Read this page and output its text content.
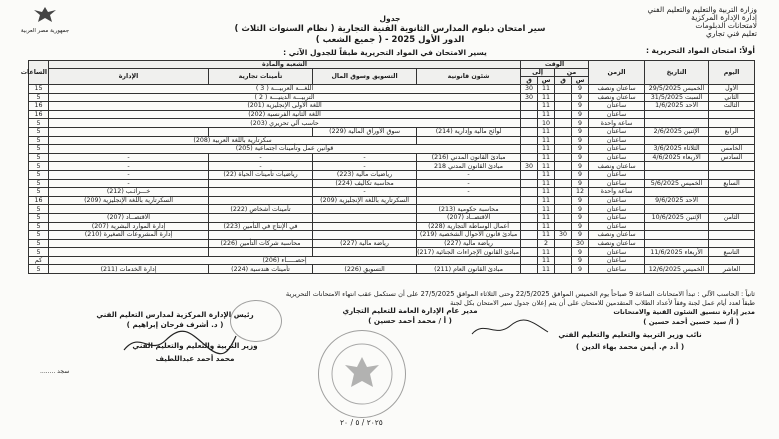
وزارة التربية والتعليم والتعليم الفني
إدارة الإدارة المركزية
لامتحانات الدبلومات
تعليم فني تجاري
جمهورية مصر العربية
جدول
سير امتحان دبلوم المدارس الثانوية الفنية التجارية ( نظام السنوات الثلاث )
( جميع الشعب ) - الدور الأول 2025
أولاً: امتحان المواد التحريرية :
يسير الامتحان في المواد التحريرية طبقاً للجدول الآتي :
اليوم	التاريخ	الزمن	الوقت				الشعبة والمادة				الساعات
			من		إلى		شئون قانونية	التسويق وسوق المال	تأمينات تجارية	الإدارة	
			س	ق	س	ق					
الأول	الخميس 29/5/2025	ساعتان ونصف	9		11	30	اللغـــة العربيـــة ( 3 )				15
الثاني	السبت 31/5/2025	ساعتان ونصف	9		11	30	التربيـــة الدينيـــة ( 2 )				5
الثالث	الأحد 1/6/2025	ساعتان	9		11		اللغة الأولى الإنجليزية (201)				16
		ساعتان	9		11		اللغة الثانية الفرنسية (202)				16
		ساعة واحدة	9		10		حاسب آلي تحريري (203)				5
الرابع	الإثنين 2/6/2025	ساعتان	9		11		لوائح مالية وإدارية (214)	سوق الأوراق المالية (229)			5
		ساعتان	9		11			سكرتارية باللغة العربية (208)			5
الخامس	الثلاثاء 3/6/2025	ساعتان	9		11		قوانين عمل وتأمينات اجتماعية (205)				5
السادس	الأربعاء 4/6/2025	ساعتان	9		11		مبادئ القانون المدني (216)	-	-	-	5
		ساعتان ونصف	9		11	30	مبادئ القانون المدني 218	-	-	-	5
		ساعتان	9		11		-	رياضيات مالية (223)	رياضيات تأمينات الحياة (22)	-	5
السابع	الخميس 5/6/2025	ساعتان	9		11		-	محاسبة تكاليف (224)		-	5
		ساعة واحدة	12		11		-	-		خـــرائـب (212)	5
	الأحد 9/6/2025	ساعتان	9		11			السكرتارية باللغة الإنجليزية (209)		السكرتارية باللغة الإنجليزية (209)	16
		ساعتان	9		11		محاسبة حكومية (213)		تأمينات أشخاص (222)		5
الثامن	الإثنين 10/6/2025	ساعتان	9		11		الاقتصــاد (207)			الاقتصــاد (207)	5
		ساعتان	9		11		أعمال الوساطة التجارية (228)		في الإنتاج في التأمين (223)	إدارة الموارد البشرية (207)	5
		ساعتان ونصف	9	30	11		مبادئ قانون الأحوال الشخصية (219)			إدارة المشروعات الصغيرة (210)	5
		ساعتان ونصف	30		2		رياضة مالية (227)	رياضة مالية (227)	محاسبة شركات التأمين (226)		5
التاسع	الأربعاء 11/6/2025	ساعتان	9		11		مبادئ القانون الإجراءات الجنائية (217)				5
		ساعتان	9		11		إحصـــــاء (206)				كم
العاشر	الخميس 12/6/2025	ساعتان	9		11		مبادئ القانون العام (211)	التسويق (226)	تأمينات هندسية (224)	إدارة الخدمات (211)	5
ثانياً : الحاسب الآلي : تبدأ الامتحانات الساعة 9 صباحاً يوم الخميس الموافق 22/5/2025 وحتى الثلاثاء الموافق 27/5/2025 على أن تستكمل عقب انتهاء الامتحانات التحريرية
طبقاً لعدد أيام عمل لجنة وفقاً لأعداد الطلاب المتقدمين للامتحان على أن يتم إعلان جدول سير الامتحان بكل لجنة
مدير إدارة تنسيق الشئون الفنية والامتحانات
( أ/ سيد حسين أحمد حسين )
نائب وزير التربية والتعليم والتعليم الفني
( أ.د م. أيمن محمد بهاء الدين )
مدير عام الإدارة العامة للتعليم التجاري
( أ / محمد أحمد حسين )
رئيس الإدارة المركزية لمدارس التعليم الفني
( د. أشرف فرحان إبراهيم )
وزير التربية والتعليم والتعليم الفني
محمد أحمد عبداللطيف
٢٠٢٥ / ٥ / ٢٠
........ سجد
